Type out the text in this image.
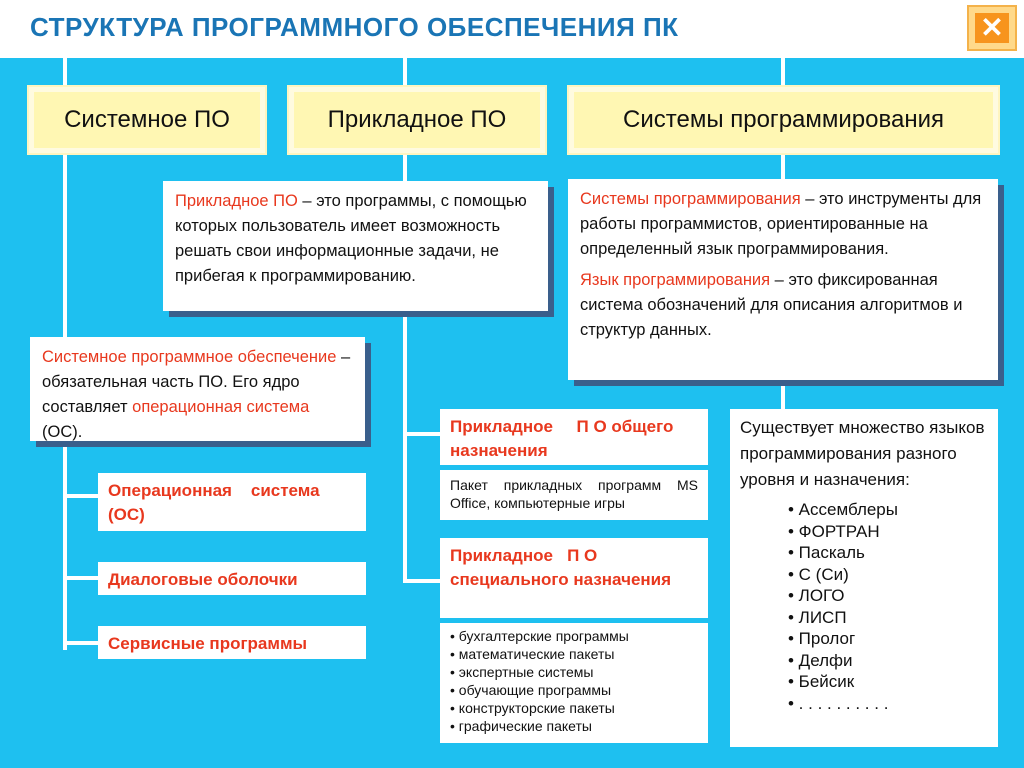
СТРУКТУРА ПРОГРАММНОГО ОБЕСПЕЧЕНИЯ ПК	✕
Системное ПО	Прикладное ПО	Системы программирования
Прикладное ПО – это программы, с помощью которых пользователь имеет возможность решать свои информационные задачи, не прибегая к программированию.
Системы программирования – это инструменты для работы программистов, ориентированные на определенный язык программирования.
Язык программирования – это фиксированная система обозначений для описания алгоритмов и структур данных.
Системное программное обеспечение – обязательная часть ПО. Его ядро составляет операционная система (ОС).
Операционная    система (ОС)
Диалоговые оболочки
Сервисные программы
Прикладное     П О общего назначения
Пакет прикладных программ MS Office, компьютерные игры
Прикладное   П О специального назначения
• бухгалтерские программы
• математические пакеты
• экспертные системы
• обучающие программы
• конструкторские пакеты
• графические пакеты
Существует множество языков программирования разного уровня и назначения:
• Ассемблеры
• ФОРТРАН
• Паскаль
• С (Си)
• ЛОГО
• ЛИСП
• Пролог
• Делфи
• Бейсик
• . . . . . . . . . .
